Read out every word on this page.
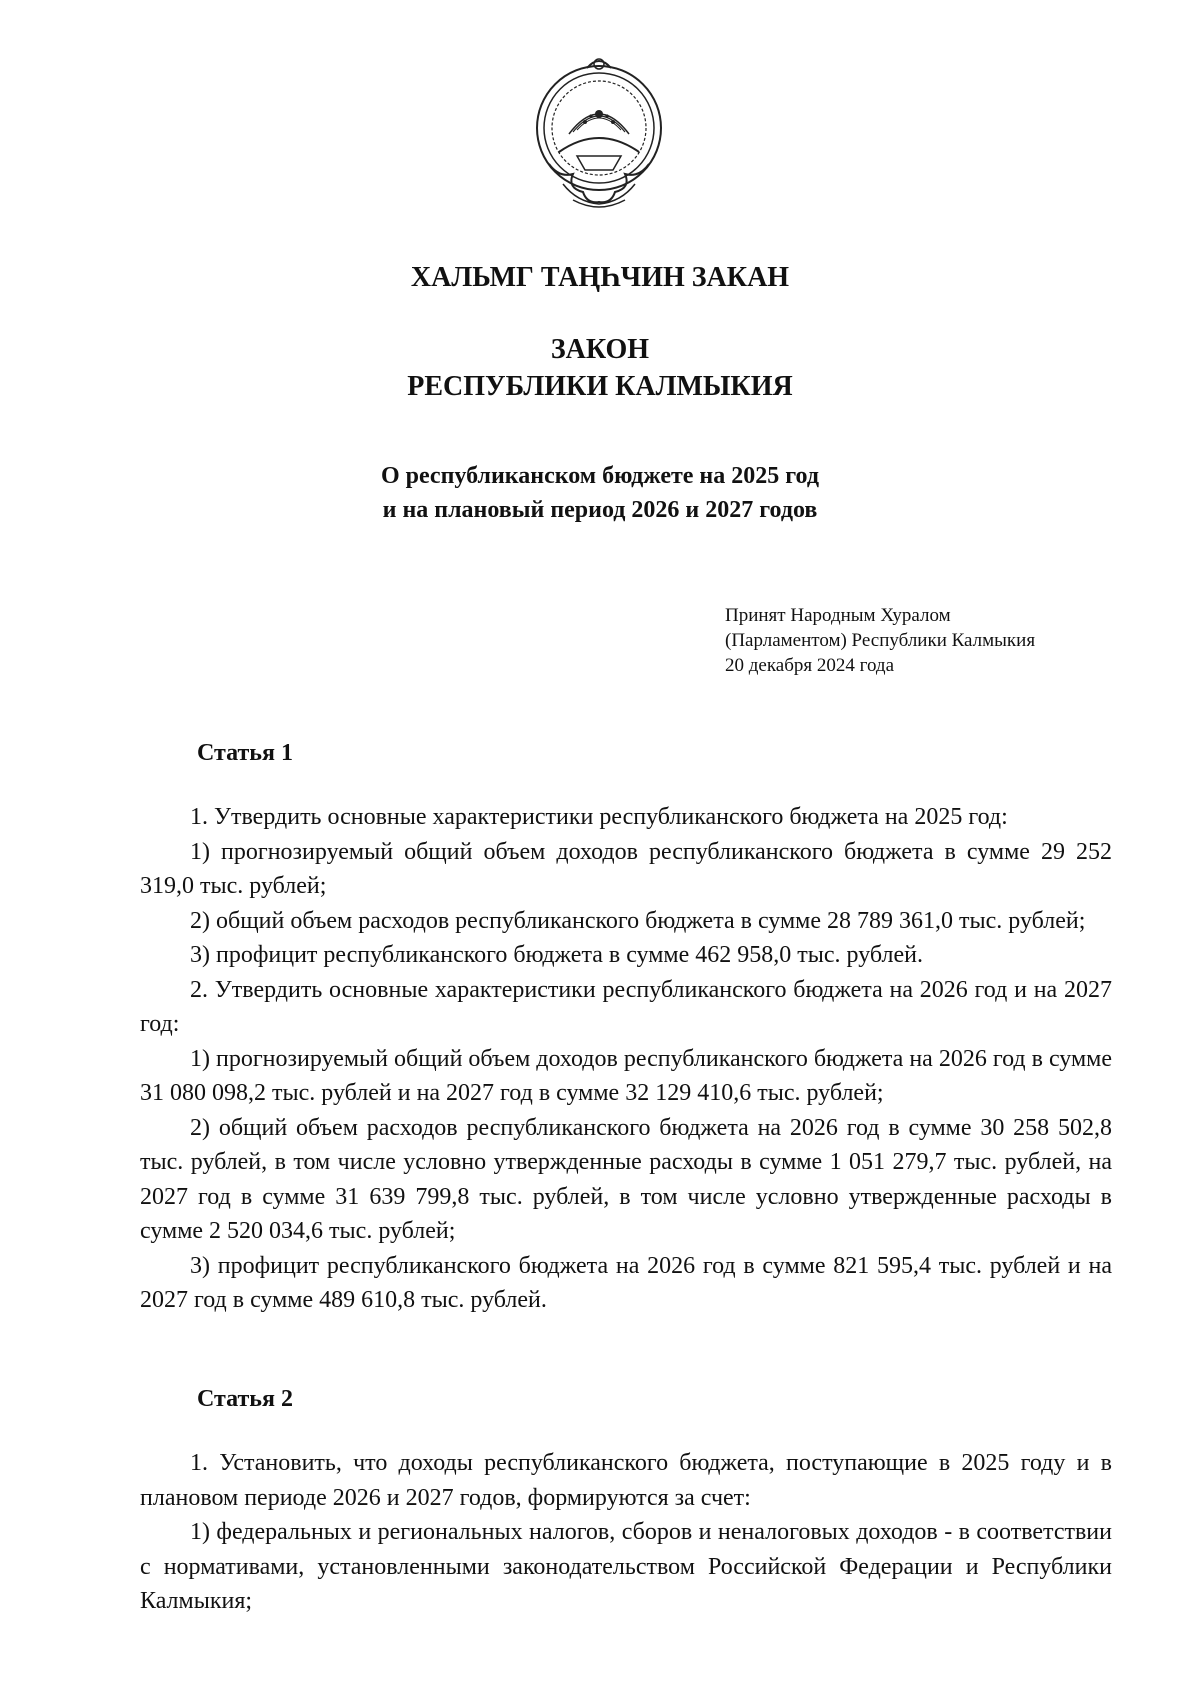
ХАЛЬМГ ТАҢҺЧИН ЗАКАН
ЗАКОН
РЕСПУБЛИКИ КАЛМЫКИЯ
О республиканском бюджете на 2025 год
и на плановый период 2026 и 2027 годов
Принят Народным Хуралом
(Парламентом) Республики Калмыкия
20 декабря 2024 года
Статья 1

1. Утвердить основные характеристики республиканского бюджета на 2025 год:

1) прогнозируемый общий объем доходов республиканского бюджета в сумме 29 252 319,0 тыс. рублей;

2) общий объем расходов республиканского бюджета в сумме 28 789 361,0 тыс. рублей;

3) профицит республиканского бюджета в сумме 462 958,0 тыс. рублей.

2. Утвердить основные характеристики республиканского бюджета на 2026 год и на 2027 год:

1) прогнозируемый общий объем доходов республиканского бюджета на 2026 год в сумме 31 080 098,2 тыс. рублей и на 2027 год в сумме 32 129 410,6 тыс. рублей;

2) общий объем расходов республиканского бюджета на 2026 год в сумме 30 258 502,8 тыс. рублей, в том числе условно утвержденные расходы в сумме 1 051 279,7 тыс. рублей, на 2027 год в сумме 31 639 799,8 тыс. рублей, в том числе условно утвержденные расходы в сумме 2 520 034,6 тыс. рублей;

3) профицит республиканского бюджета на 2026 год в сумме 821 595,4 тыс. рублей и на 2027 год в сумме 489 610,8 тыс. рублей.

Статья 2

1. Установить, что доходы республиканского бюджета, поступающие в 2025 году и в плановом периоде 2026 и 2027 годов, формируются за счет:

1) федеральных и региональных налогов, сборов и неналоговых доходов - в соответствии с нормативами, установленными законодательством Российской Федерации и Республики Калмыкия;
